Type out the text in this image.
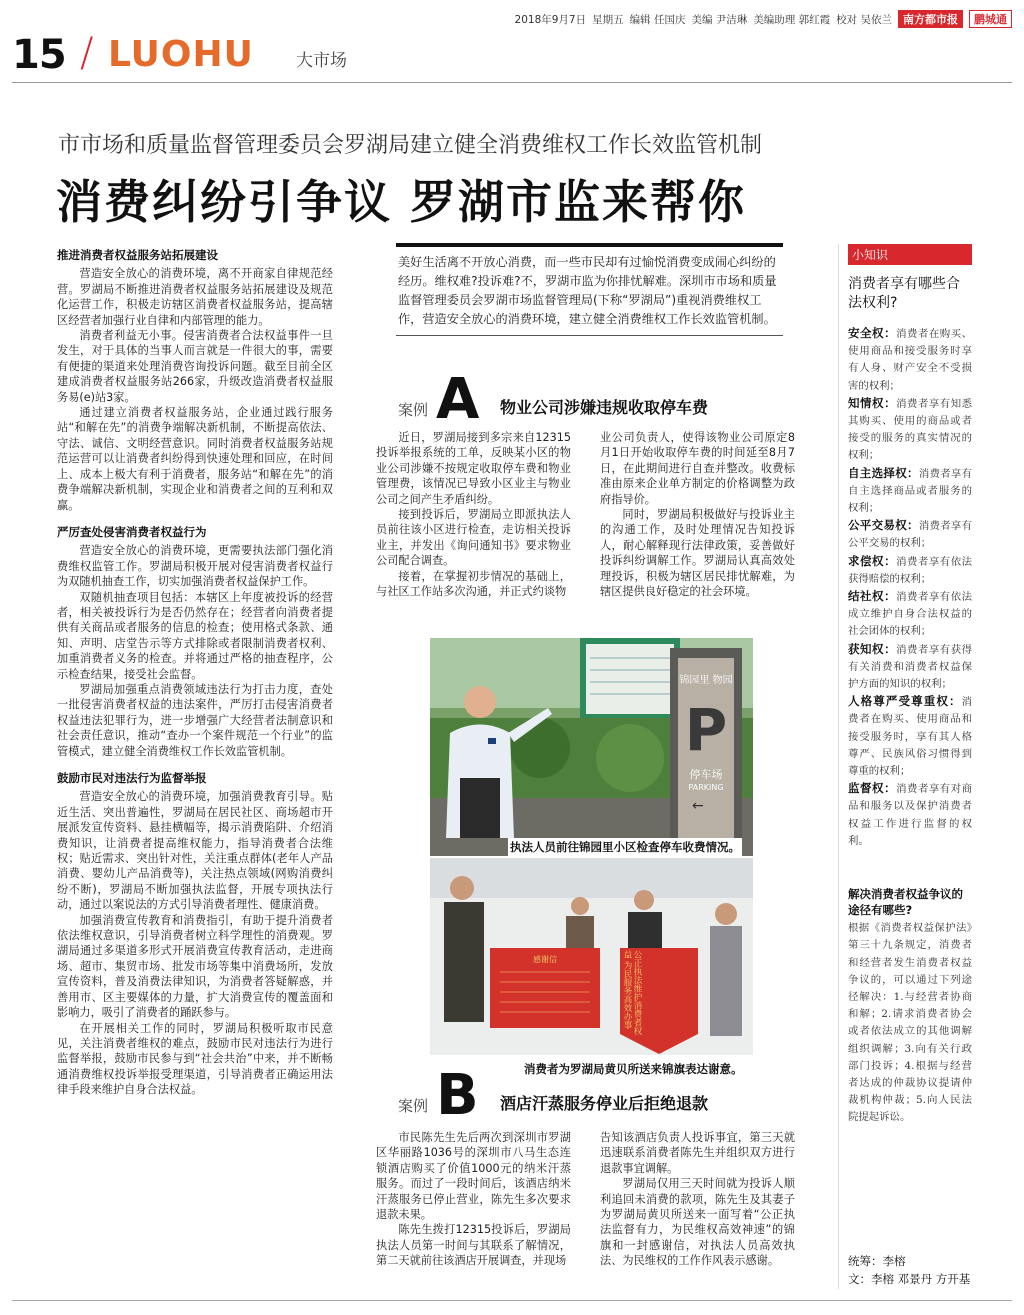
2018年9月7日 星期五 编辑 任国庆 美编 尹洁琳 美编助理 郭红霞 校对 吴依兰	南方都市报	鹏城通
15 / LUOHU 大市场
市市场和质量监督管理委员会罗湖局建立健全消费维权工作长效监管机制
消费纠纷引争议 罗湖市监来帮你
推进消费者权益服务站拓展建设

营造安全放心的消费环境，离不开商家自律规范经营。罗湖局不断推进消费者权益服务站拓展建设及规范化运营工作，积极走访辖区消费者权益服务站，提高辖区经营者加强行业自律和内部管理的能力。

消费者利益无小事。侵害消费者合法权益事件一旦发生，对于具体的当事人而言就是一件很大的事，需要有便捷的渠道来处理消费咨询投诉问题。截至目前全区建成消费者权益服务站266家，升级改造消费者权益服务易(e)站3家。

通过建立消费者权益服务站，企业通过践行服务站“和解在先”的消费争端解决新机制，不断提高依法、守法、诚信、文明经营意识。同时消费者权益服务站规范运营可以让消费者纠纷得到快速处理和回应，在时间上、成本上极大有利于消费者，服务站“和解在先”的消费争端解决新机制，实现企业和消费者之间的互利和双赢。

严厉查处侵害消费者权益行为

营造安全放心的消费环境，更需要执法部门强化消费维权监管工作。罗湖局积极开展对侵害消费者权益行为双随机抽查工作，切实加强消费者权益保护工作。

双随机抽查项目包括：本辖区上年度被投诉的经营者，相关被投诉行为是否仍然存在；经营者向消费者提供有关商品或者服务的信息的检查；使用格式条款、通知、声明、店堂告示等方式排除或者限制消费者权利、加重消费者义务的检查。并将通过严格的抽查程序，公示检查结果，接受社会监督。

罗湖局加强重点消费领域违法行为打击力度，查处一批侵害消费者权益的违法案件，严厉打击侵害消费者权益违法犯罪行为，进一步增强广大经营者法制意识和社会责任意识，推动“查办一个案件规范一个行业”的监管模式，建立健全消费维权工作长效监管机制。

鼓励市民对违法行为监督举报

营造安全放心的消费环境，加强消费教育引导。贴近生活、突出普遍性，罗湖局在居民社区、商场超市开展派发宣传资料、悬挂横幅等，揭示消费陷阱、介绍消费知识，让消费者提高维权能力，指导消费者合法维权；贴近需求、突出针对性，关注重点群体(老年人产品消费、婴幼儿产品消费等)，关注热点领域(网购消费纠纷不断)，罗湖局不断加强执法监督，开展专项执法行动，通过以案说法的方式引导消费者理性、健康消费。

加强消费宣传教育和消费指引，有助于提升消费者依法维权意识，引导消费者树立科学理性的消费观。罗湖局通过多渠道多形式开展消费宣传教育活动，走进商场、超市、集贸市场、批发市场等集中消费场所，发放宣传资料，普及消费法律知识，为消费者答疑解惑，并善用市、区主要媒体的力量，扩大消费宣传的覆盖面和影响力，吸引了消费者的踊跃参与。

在开展相关工作的同时，罗湖局积极听取市民意见，关注消费者维权的难点，鼓励市民对违法行为进行监督举报，鼓励市民参与到“社会共治”中来，并不断畅通消费维权投诉举报受理渠道，引导消费者正确运用法律手段来维护自身合法权益。

美好生活离不开放心消费，而一些市民却有过愉悦消费变成闹心纠纷的经历。维权难?投诉难?不，罗湖市监为你排忧解难。深圳市市场和质量监督管理委员会罗湖市场监督管理局(下称“罗湖局”)重视消费维权工作，营造安全放心的消费环境，建立健全消费维权工作长效监管机制。
案例 A 物业公司涉嫌违规收取停车费

近日，罗湖局接到多宗来自12315投诉举报系统的工单，反映某小区的物业公司涉嫌不按规定收取停车费和物业管理费，该情况已导致小区业主与物业公司之间产生矛盾纠纷。

接到投诉后，罗湖局立即派执法人员前往该小区进行检查，走访相关投诉业主，并发出《询问通知书》要求物业公司配合调查。

接着，在掌握初步情况的基础上，与社区工作站多次沟通，并正式约谈物

业公司负责人，使得该物业公司原定8月1日开始收取停车费的时间延至8月7日，在此期间进行自查并整改。收费标准由原来企业单方制定的价格调整为政府指导价。

同时，罗湖局积极做好与投诉业主的沟通工作，及时处理情况告知投诉人，耐心解释现行法律政策，妥善做好投诉纠纷调解工作。罗湖局认真高效处理投诉，积极为辖区居民排忧解难，为辖区提供良好稳定的社会环境。

锦园里 物园
P
停车场
PARKING
←
执法人员前往锦园里小区检查停车收费情况。
感谢信	公正执法维护消费者权益 为民服务高效办事
消费者为罗湖局黄贝所送来锦旗表达谢意。
案例 B 酒店汗蒸服务停业后拒绝退款

市民陈先生先后两次到深圳市罗湖区华丽路1036号的深圳市八马生态连锁酒店购买了价值1000元的纳米汗蒸服务。而过了一段时间后，该酒店纳米汗蒸服务已停止营业，陈先生多次要求退款未果。

陈先生拨打12315投诉后，罗湖局执法人员第一时间与其联系了解情况，第二天就前往该酒店开展调查，并现场

告知该酒店负责人投诉事宜，第三天就迅速联系消费者陈先生并组织双方进行退款事宜调解。

罗湖局仅用三天时间就为投诉人顺利追回未消费的款项，陈先生及其妻子为罗湖局黄贝所送来一面写着“公正执法监督有力，为民维权高效神速”的锦旗和一封感谢信，对执法人员高效执法、为民维权的工作作风表示感谢。

小知识
消费者享有哪些合法权利?
安全权：消费者在购买、使用商品和接受服务时享有人身、财产安全不受损害的权利；
知情权：消费者享有知悉其购买、使用的商品或者接受的服务的真实情况的权利；
自主选择权：消费者享有自主选择商品或者服务的权利；
公平交易权：消费者享有公平交易的权利；
求偿权：消费者享有依法获得赔偿的权利；
结社权：消费者享有依法成立维护自身合法权益的社会团体的权利；
获知权：消费者享有获得有关消费和消费者权益保护方面的知识的权利；
人格尊严受尊重权：消费者在购买、使用商品和接受服务时，享有其人格尊严、民族风俗习惯得到尊重的权利；
监督权：消费者享有对商品和服务以及保护消费者权益工作进行监督的权利。
解决消费者权益争议的途径有哪些?
根据《消费者权益保护法》第三十九条规定，消费者和经营者发生消费者权益争议的，可以通过下列途径解决：1.与经营者协商和解；2.请求消费者协会或者依法成立的其他调解组织调解；3.向有关行政部门投诉；4.根据与经营者达成的仲裁协议提请仲裁机构仲裁；5.向人民法院提起诉讼。
统筹：李榕
文：李榕 邓景丹 方开基
